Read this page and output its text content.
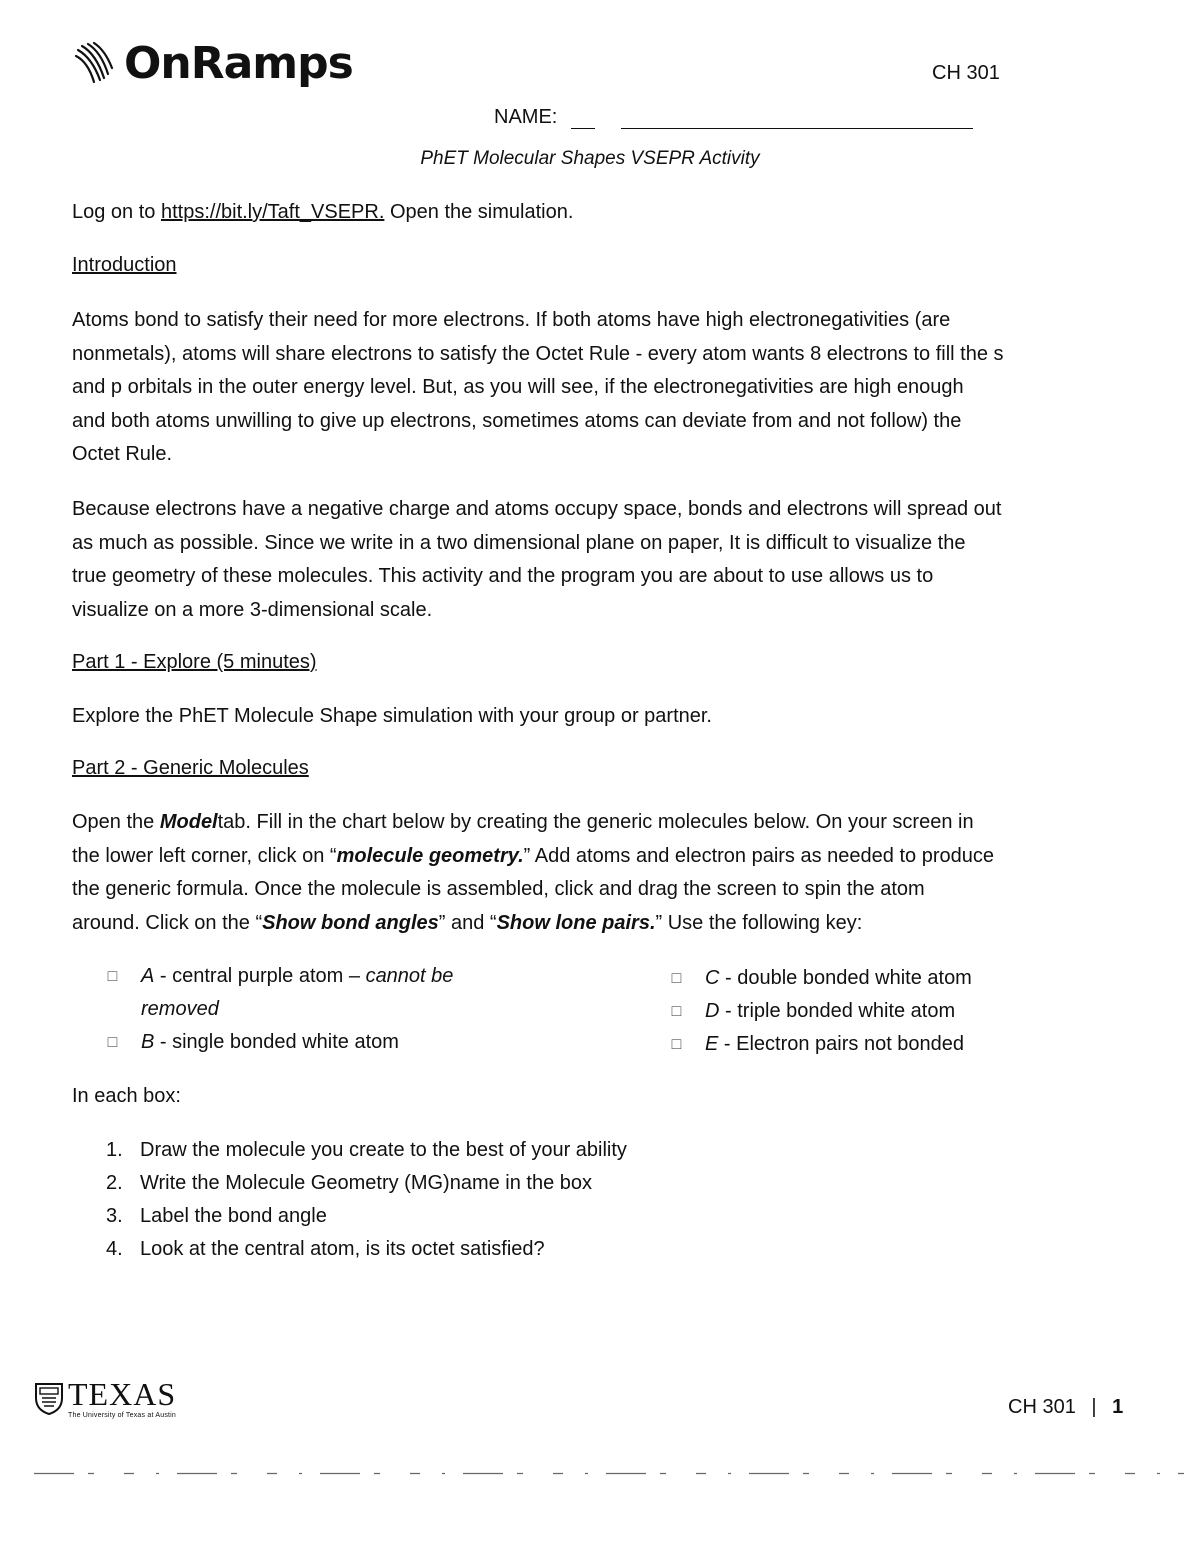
OnRamps	CH 301
NAME:
PhET Molecular Shapes VSEPR Activity
Log on to https://bit.ly/Taft_VSEPR. Open the simulation.
Introduction
Atoms bond to satisfy their need for more electrons. If both atoms have high electronegativities (are
nonmetals), atoms will share electrons to satisfy the Octet Rule - every atom wants 8 electrons to fill the s
and p orbitals in the outer energy level. But, as you will see, if the electronegativities are high enough
and both atoms unwilling to give up electrons, sometimes atoms can deviate from and not follow) the
Octet Rule.
Because electrons have a negative charge and atoms occupy space, bonds and electrons will spread out
as much as possible. Since we write in a two dimensional plane on paper, It is difficult to visualize the
true geometry of these molecules. This activity and the program you are about to use allows us to
visualize on a more 3-dimensional scale.
Part 1 - Explore (5 minutes)
Explore the PhET Molecule Shape simulation with your group or partner.
Part 2 - Generic Molecules
Open the Modeltab. Fill in the chart below by creating the generic molecules below. On your screen in
the lower left corner, click on “molecule geometry.” Add atoms and electron pairs as needed to produce
the generic formula. Once the molecule is assembled, click and drag the screen to spin the atom
around. Click on the “Show bond angles” and “Show lone pairs.” Use the following key:
□ A - central purple atom – cannot be
removed
□ B - single bonded white atom
□ C - double bonded white atom
□ D - triple bonded white atom
□ E - Electron pairs not bonded
In each box:
1. Draw the molecule you create to the best of your ability
2. Write the Molecule Geometry (MG)name in the box
3. Label the bond angle
4. Look at the central atom, is its octet satisfied?
TEXAS
The University of Texas at Austin	CH 301 | 1
